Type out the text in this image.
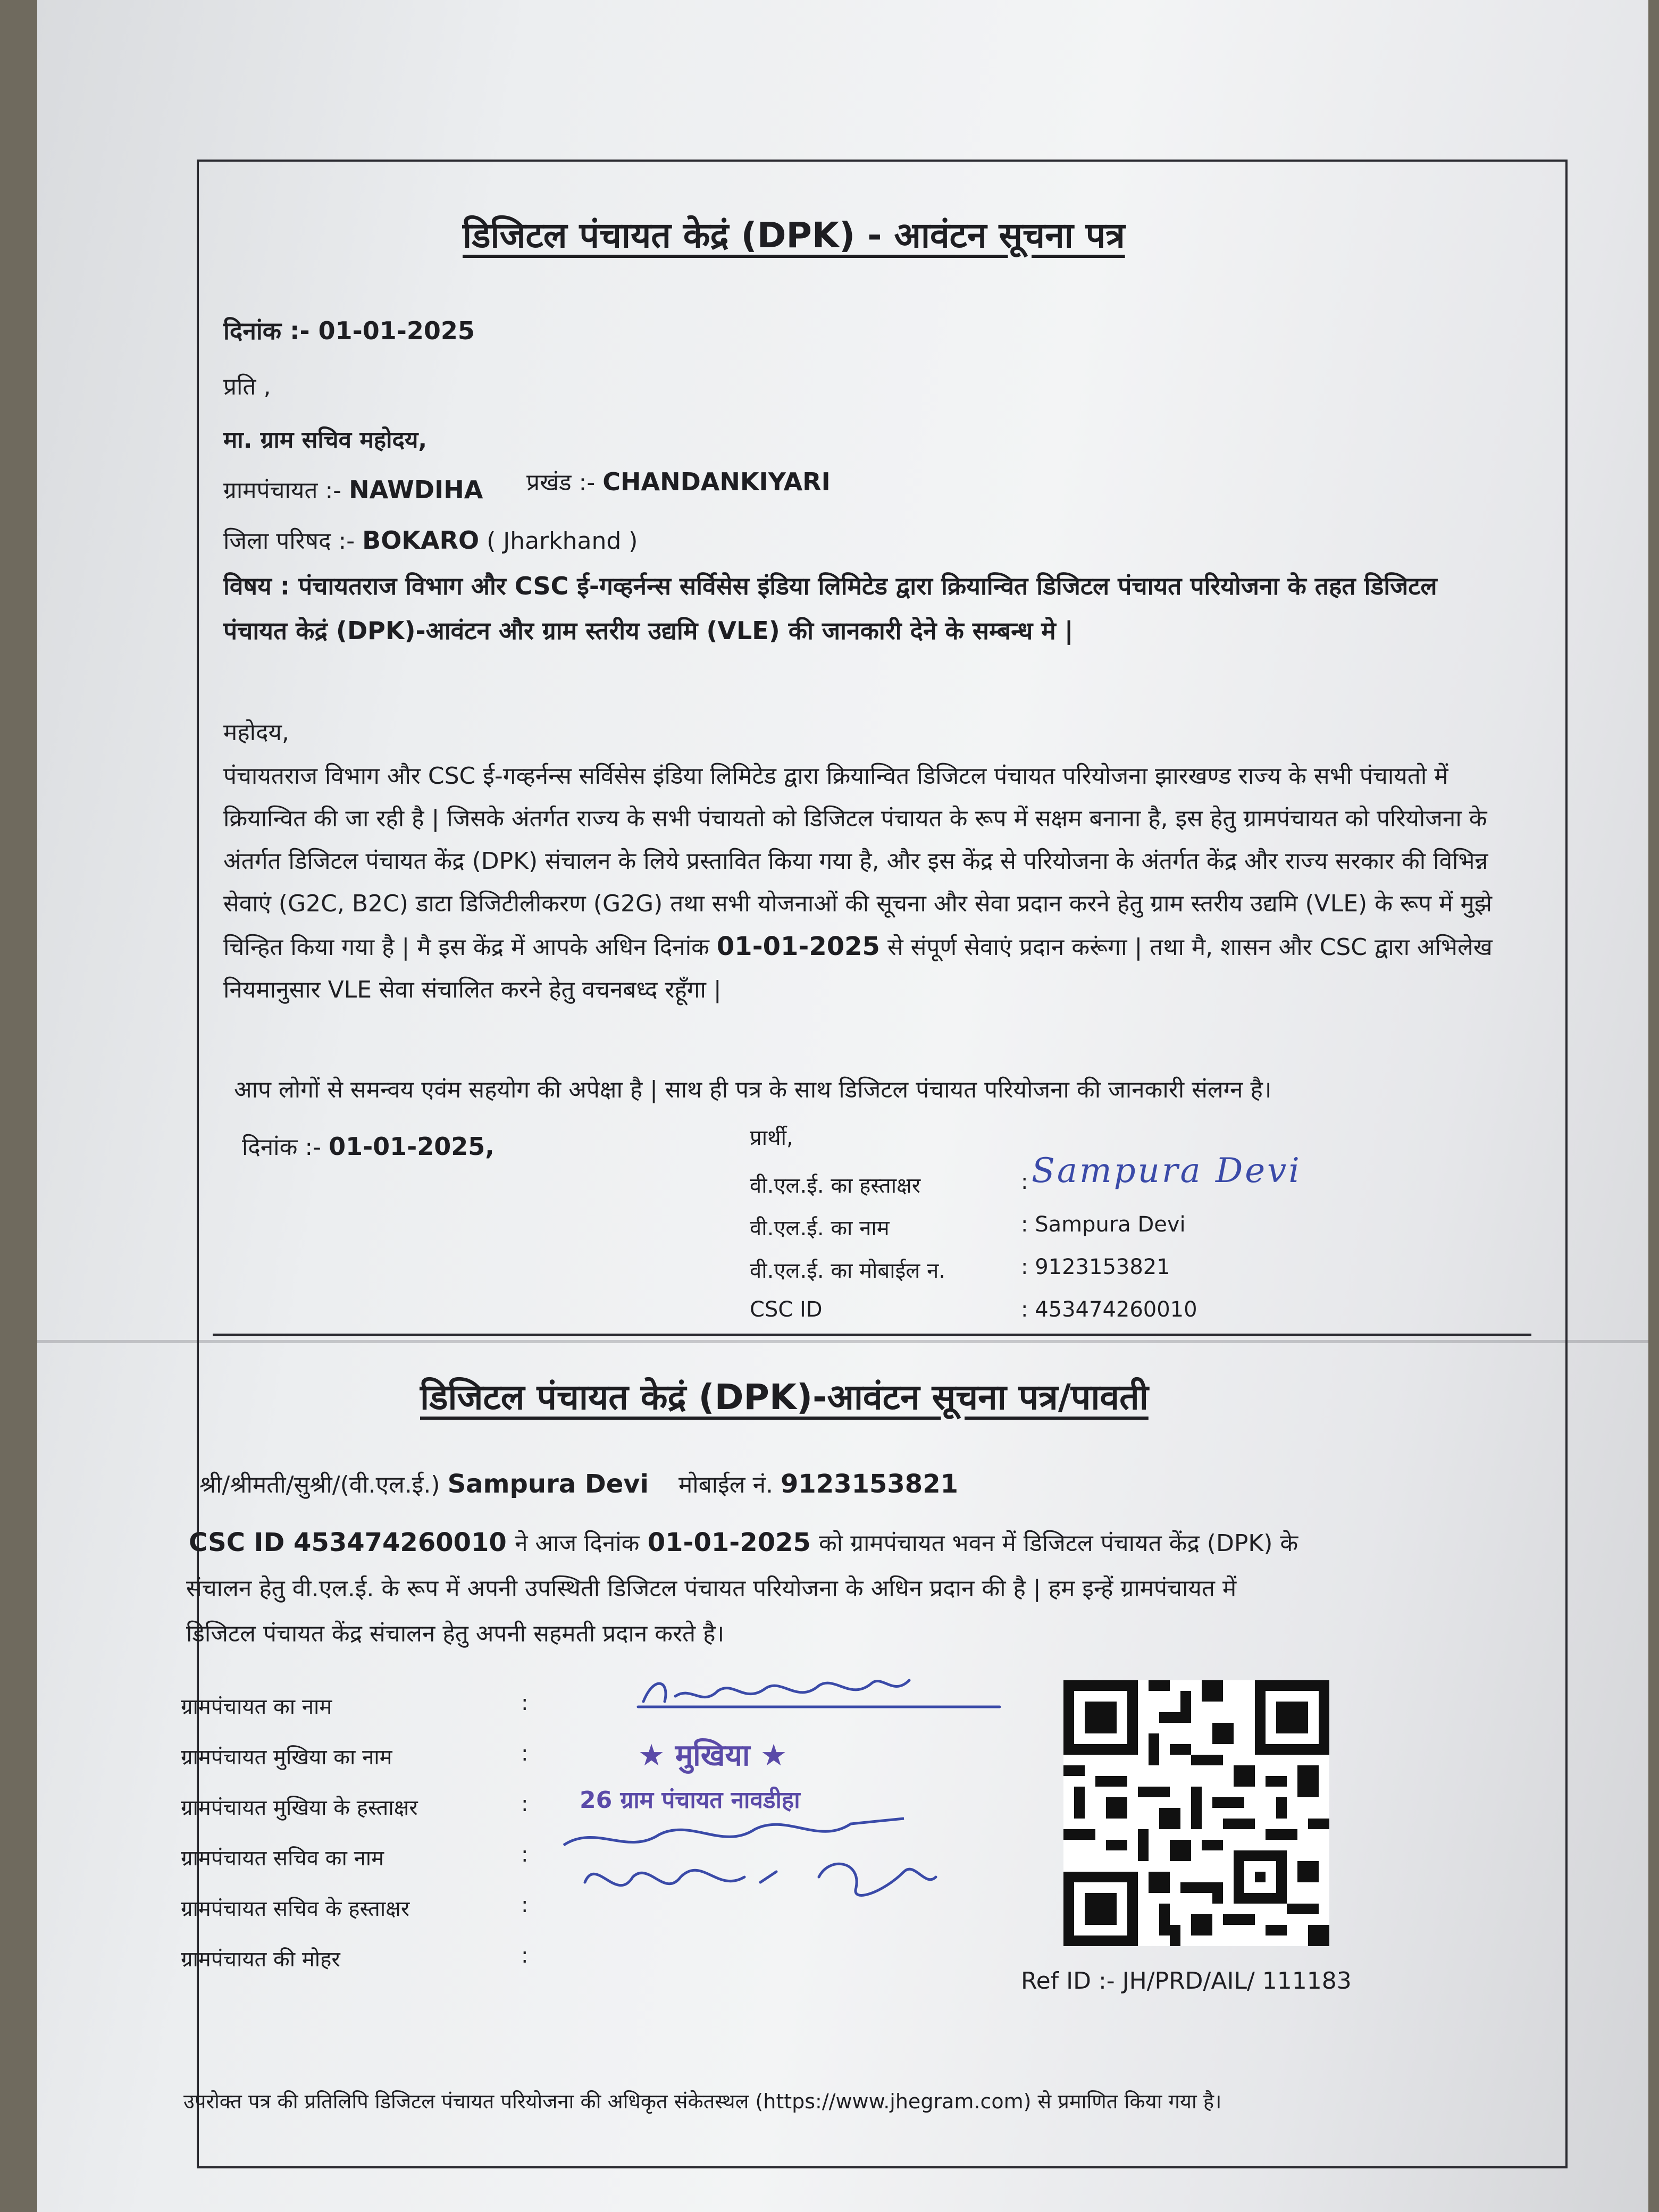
डिजिटल पंचायत केद्रं (DPK) - आवंटन सूचना पत्र
दिनांक :- 01-01-2025
प्रति ,
मा. ग्राम सचिव महोदय,
ग्रामपंचायत :- NAWDIHA प्रखंड :- CHANDANKIYARI
जिला परिषद :- BOKARO ( Jharkhand )
विषय : पंचायतराज विभाग और CSC ई-गव्हर्नन्स सर्विसेस इंडिया लिमिटेड द्वारा क्रियान्वित डिजिटल पंचायत परियोजना के तहत डिजिटल पंचायत केद्रं (DPK)-आवंटन और ग्राम स्तरीय उद्यमि (VLE) की जानकारी देने के सम्बन्ध मे |
महोदय,
पंचायतराज विभाग और CSC ई-गव्हर्नन्स सर्विसेस इंडिया लिमिटेड द्वारा क्रियान्वित डिजिटल पंचायत परियोजना झारखण्ड राज्य के सभी पंचायतो में क्रियान्वित की जा रही है | जिसके अंतर्गत राज्य के सभी पंचायतो को डिजिटल पंचायत के रूप में सक्षम बनाना है, इस हेतु ग्रामपंचायत को परियोजना के अंतर्गत डिजिटल पंचायत केंद्र (DPK) संचालन के लिये प्रस्तावित किया गया है, और इस केंद्र से परियोजना के अंतर्गत केंद्र और राज्य सरकार की विभिन्न सेवाएं (G2C, B2C) डाटा डिजिटीलीकरण (G2G) तथा सभी योजनाओं की सूचना और सेवा प्रदान करने हेतु ग्राम स्तरीय उद्यमि (VLE) के रूप में मुझे चिन्हित किया गया है | मै इस केंद्र में आपके अधिन दिनांक 01-01-2025 से संपूर्ण सेवाएं प्रदान करूंगा | तथा मै, शासन और CSC द्वारा अभिलेख नियमानुसार VLE सेवा संचालित करने हेतु वचनबध्द रहूँगा |
आप लोगों से समन्वय एवंम सहयोग की अपेक्षा है | साथ ही पत्र के साथ डिजिटल पंचायत परियोजना की जानकारी संलग्न है।
दिनांक :- 01-01-2025,	प्रार्थी,
वी.एल.ई. का हस्ताक्षर	: Sampura Devi
वी.एल.ई. का नाम	: Sampura Devi
वी.एल.ई. का मोबाईल न.	: 9123153821
CSC ID	: 453474260010
डिजिटल पंचायत केद्रं (DPK)-आवंटन सूचना पत्र/पावती
श्री/श्रीमती/सुश्री/(वी.एल.ई.) Sampura Devi मोबाईल नं. 9123153821
CSC ID 453474260010 ने आज दिनांक 01-01-2025 को ग्रामपंचायत भवन में डिजिटल पंचायत केंद्र (DPK) के
संचालन हेतु वी.एल.ई. के रूप में अपनी उपस्थिती डिजिटल पंचायत परियोजना के अधिन प्रदान की है | हम इन्हें ग्रामपंचायत में
डिजिटल पंचायत केंद्र संचालन हेतु अपनी सहमती प्रदान करते है।
ग्रामपंचायत का नाम	:
ग्रामपंचायत मुखिया का नाम	:
ग्रामपंचायत मुखिया के हस्ताक्षर	:
ग्रामपंचायत सचिव का नाम	:
ग्रामपंचायत सचिव के हस्ताक्षर	:
ग्रामपंचायत की मोहर	:
★ मुखिया ★
26 ग्राम पंचायत नावडीहा
Ref ID :- JH/PRD/AIL/ 111183
उपरोक्त पत्र की प्रतिलिपि डिजिटल पंचायत परियोजना की अधिकृत संकेतस्थल (https://www.jhegram.com) से प्रमाणित किया गया है।
